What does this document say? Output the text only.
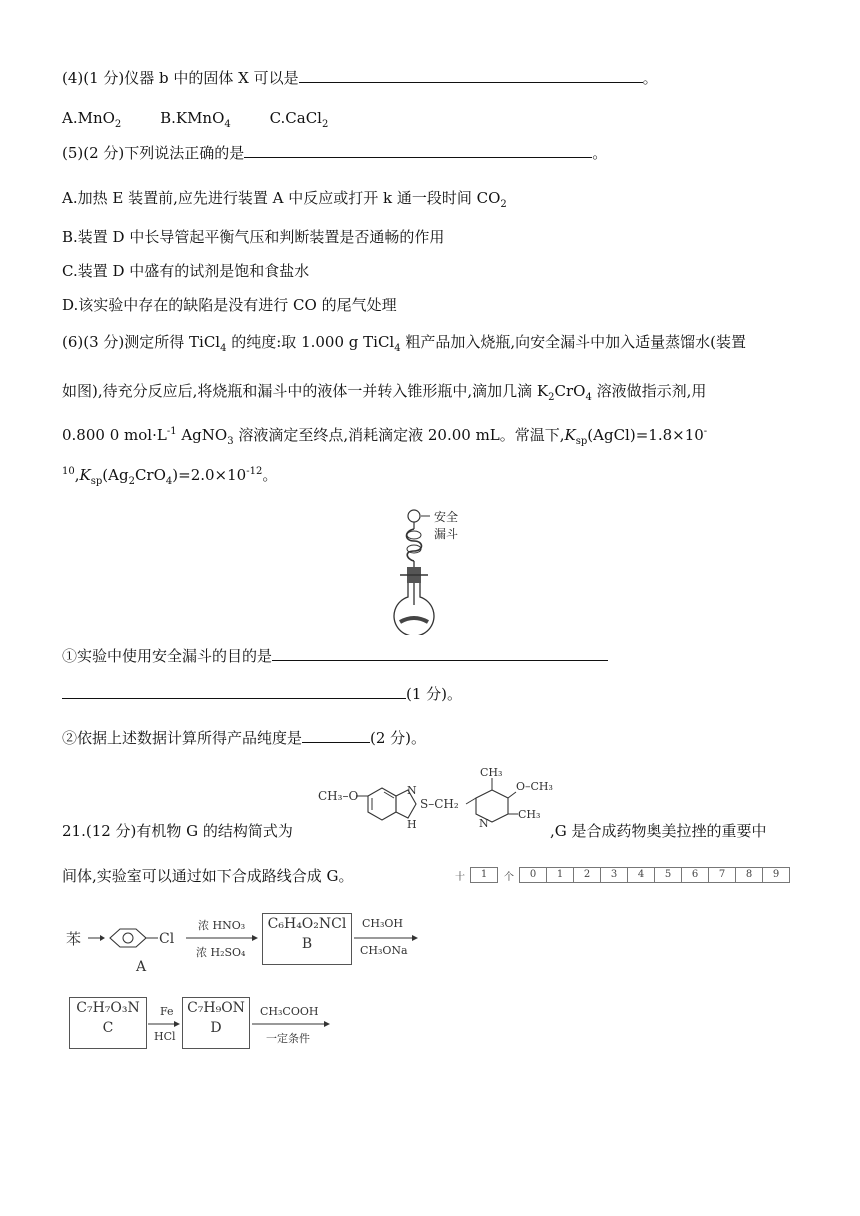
(4)(1 分)仪器 b 中的固体 X 可以是	。
A.MnO$_2$	B.KMnO$_4$	C.CaCl$_2$
(5)(2 分)下列说法正确的是	。
A.加热 E 装置前,应先进行装置 A 中反应或打开 k 通一段时间 $CO_2$
B.装置 D 中长导管起平衡气压和判断装置是否通畅的作用
C.装置 D 中盛有的试剂是饱和食盐水
D.该实验中存在的缺陷是没有进行 CO 的尾气处理
(6)(3 分)测定所得 TiCl$_4$ 的纯度:取 1.000 g TiCl$_4$ 粗产品加入烧瓶,向安全漏斗中加入适量蒸馏水(装置
如图),待充分反应后,将烧瓶和漏斗中的液体一并转入锥形瓶中,滴加几滴 $K_2CrO_4$ 溶液做指示剂,用
0.800 0 $mol\cdot L^{-1}$ AgNO$_3$ 溶液滴定至终点,消耗滴定液 20.00 mL。常温下$,K_{sp}(AgCl)=1.8\times 10^-$
$^{10},K_{sp}(Ag_2CrO_4)=2.0\times 10^{-12}$。
安全
漏斗
①实验中使用安全漏斗的目的是
(1 分)。
②依据上述数据计算所得产品纯度是	(2 分)。
21.(12 分)有机物 G 的结构简式为	,G 是合成药物奥美拉挫的重要中
间体,实验室可以通过如下合成路线合成 G。
CH₃–O	N
H
S–CH₂
N
CH₃
O–CH₃
CH₃
十	1	个	0	1	2	3	4	5	6	7	8	9
苯	Cl
A
浓 HNO₃
浓 H₂SO₄
C₆H₄O₂NCl
B
CH₃OH
CH₃ONa
C₇H₇O₃N
C
Fe
HCl
C₇H₉ON
D
CH₃COOH
一定条件
